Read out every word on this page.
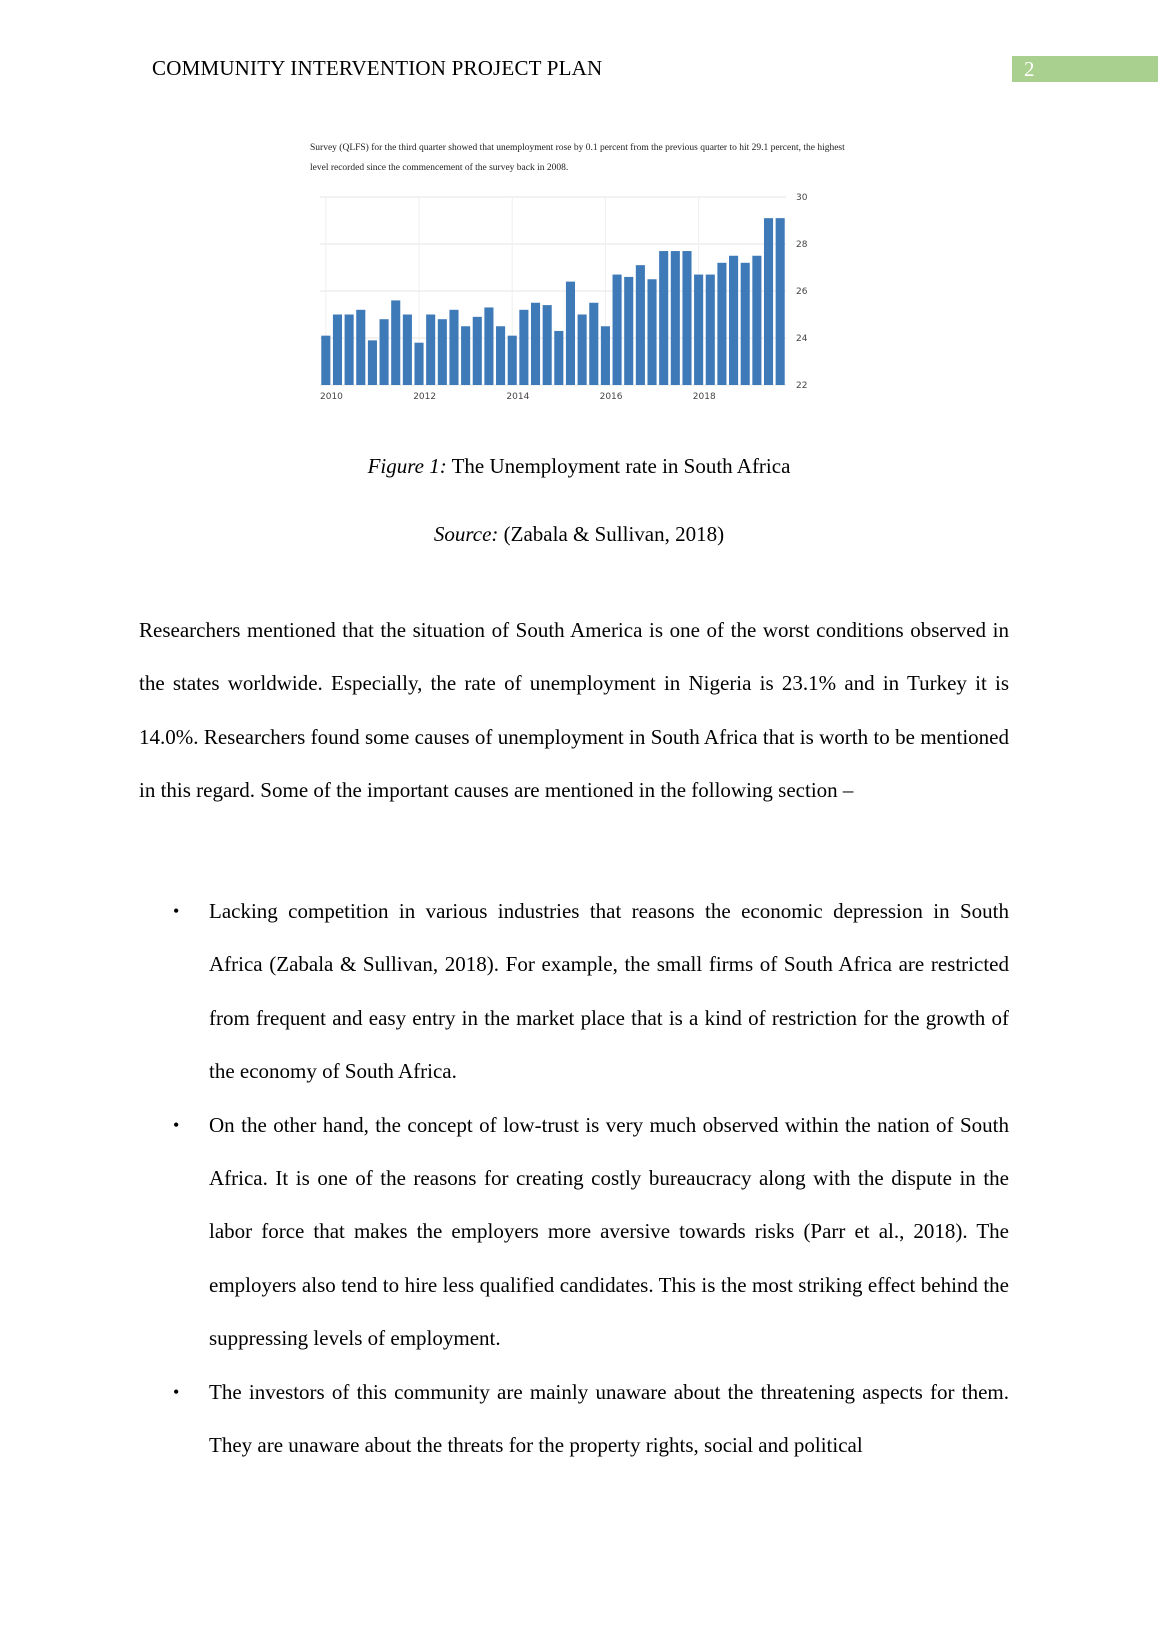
COMMUNITY INTERVENTION PROJECT PLAN	2
Survey (QLFS) for the third quarter showed that unemployment rose by 0.1 percent from the previous quarter to hit 29.1 percent, the highest level recorded since the commencement of the survey back in 2008.
22
24
26
28
30
2010	2012	2014	2016	2018
Figure 1: The Unemployment rate in South Africa
Source: (Zabala & Sullivan, 2018)
Researchers mentioned that the situation of South America is one of the worst conditions observed in the states worldwide. Especially, the rate of unemployment in Nigeria is 23.1% and in Turkey it is 14.0%. Researchers found some causes of unemployment in South Africa that is worth to be mentioned in this regard. Some of the important causes are mentioned in the following section –
• Lacking competition in various industries that reasons the economic depression in South Africa (Zabala & Sullivan, 2018). For example, the small firms of South Africa are restricted from frequent and easy entry in the market place that is a kind of restriction for the growth of the economy of South Africa.
• On the other hand, the concept of low-trust is very much observed within the nation of South Africa. It is one of the reasons for creating costly bureaucracy along with the dispute in the labor force that makes the employers more aversive towards risks (Parr et al., 2018). The employers also tend to hire less qualified candidates. This is the most striking effect behind the suppressing levels of employment.
• The investors of this community are mainly unaware about the threatening aspects for them. They are unaware about the threats for the property rights, social and political
